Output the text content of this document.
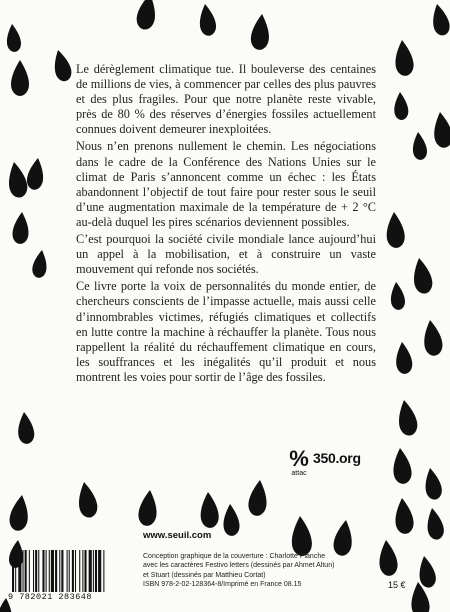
Le dérèglement climatique tue. Il bouleverse des centaines de millions de vies, à commencer par celles des plus pauvres et des plus fragiles. Pour que notre planète reste vivable, près de 80 % des réserves d’énergies fossiles actuellement connues doivent demeurer inexploitées.

Nous n’en prenons nullement le chemin. Les négociations dans le cadre de la Conférence des Nations Unies sur le climat de Paris s’annoncent comme un échec : les États abandonnent l’objectif de tout faire pour rester sous le seuil d’une augmentation maximale de la température de + 2 °C au-delà duquel les pires scénarios deviennent possibles.

C’est pourquoi la société civile mondiale lance aujourd’hui un appel à la mobilisation, et à construire un vaste mouvement qui refonde nos sociétés.

Ce livre porte la voix de personnalités du monde entier, de chercheurs conscients de l’impasse actuelle, mais aussi celle d’innombrables victimes, réfugiés climatiques et collectifs en lutte contre la machine à réchauffer la planète. Tous nous rappellent la réalité du réchauffement climatique en cours, les souffrances et les inégalités qu’il produit et nous montrent les voies pour sortir de l’âge des fossiles.

%
attac
350.org
www.seuil.com
9 782021 283648
Conception graphique de la couverture : Charlotte Planche
avec les caractères Festivo letters (dessinés par Ahmet Altun)
et Stuart (dessinés par Matthieu Cortat)
ISBN 978-2-02-128364-8/Imprimé en France 08.15	15 €
